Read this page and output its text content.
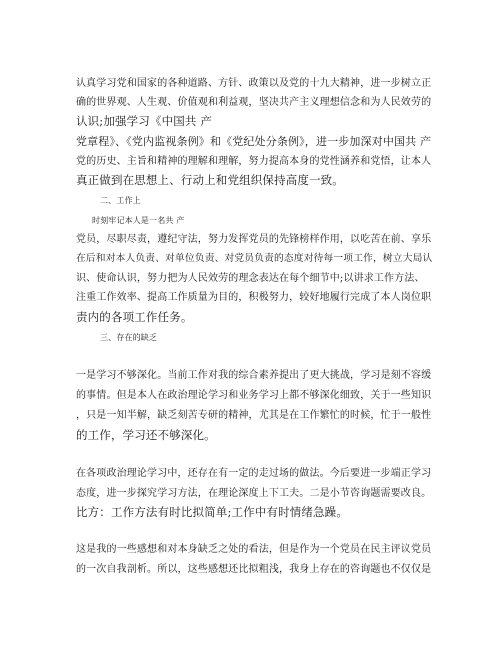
认真学习党和国家的各种道路、方针、政策以及党的十九大精神，进一步树立正
确的世界观、人生观、价值观和利益观，坚决共产主义理想信念和为人民效劳的
认识;加强学习《中国共 产
党章程》、《党内监视条例》和《党纪处分条例》，进一步加深对中国共 产
党的历史、主旨和精神的理解和理解，努力提高本身的党性涵养和党悟，让本人
真正做到在思想上、行动上和党组织保持高度一致。
二、工作上
时刻牢记本人是一名共 产
党员，尽职尽责，遵纪守法，努力发挥党员的先锋榜样作用，以吃苦在前、享乐
在后和对本人负责、对单位负责、对党员负责的态度对待每一项工作，树立大局认
识、使命认识，努力把为人民效劳的理念表达在每个细节中;以讲求工作方法、
注重工作效率、提高工作质量为目的，积极努力，较好地履行完成了本人岗位职
责内的各项工作任务。
三、存在的缺乏
一是学习不够深化。当前工作对我的综合素养提出了更大挑战，学习是刻不容缓
的事情。但是本人在政治理论学习和业务学习上都不够深化细致，关于一些知识
，只是一知半解，缺乏刻苦专研的精神，尤其是在工作繁忙的时候，忙于一般性
的工作，学习还不够深化。
在各项政治理论学习中，还存在有一定的走过场的做法。今后要进一步端正学习
态度，进一步探究学习方法，在理论深度上下工夫。二是小节咨询题需要改良。
比方：工作方法有时比拟简单;工作中有时情绪急躁。
这是我的一些感想和对本身缺乏之处的看法，但是作为一个党员在民主评议党员
的一次自我剖析。所以，这些感想还比拟粗浅，我身上存在的咨询题也不仅仅是
